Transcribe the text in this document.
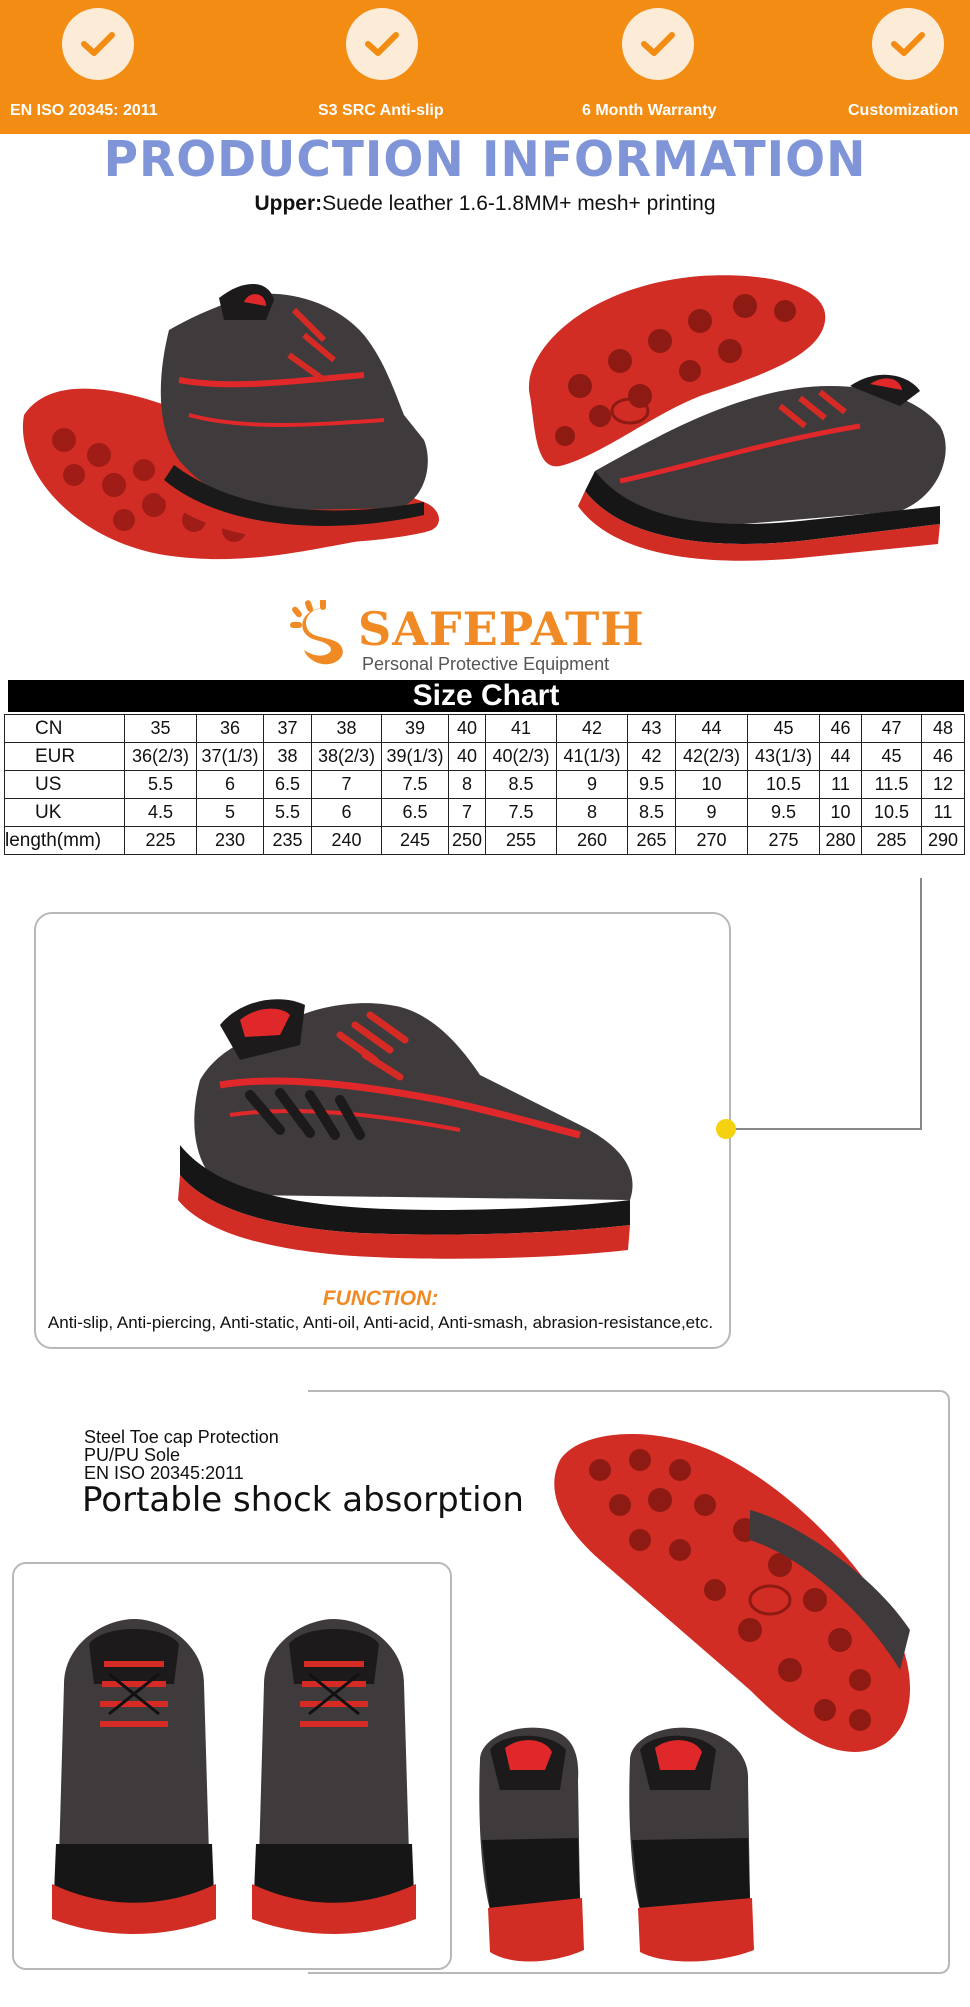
EN ISO 20345: 2011	S3 SRC Anti-slip	6 Month Warranty	Customization
PRODUCTION INFORMATION
Upper:Suede leather 1.6-1.8MM+ mesh+ printing
SAFEPATH
Personal Protective Equipment
Size Chart
CN	35	36	37	38	39	40	41	42	43	44	45	46	47	48
EUR	36(2/3)	37(1/3)	38	38(2/3)	39(1/3)	40	40(2/3)	41(1/3)	42	42(2/3)	43(1/3)	44	45	46
US	5.5	6	6.5	7	7.5	8	8.5	9	9.5	10	10.5	11	11.5	12
UK	4.5	5	5.5	6	6.5	7	7.5	8	8.5	9	9.5	10	10.5	11
length(mm)	225	230	235	240	245	250	255	260	265	270	275	280	285	290
FUNCTION:
Anti-slip, Anti-piercing, Anti-static, Anti-oil, Anti-acid, Anti-smash, abrasion-resistance,etc.
Steel Toe cap Protection
PU/PU Sole
EN ISO 20345:2011
Portable shock absorption
